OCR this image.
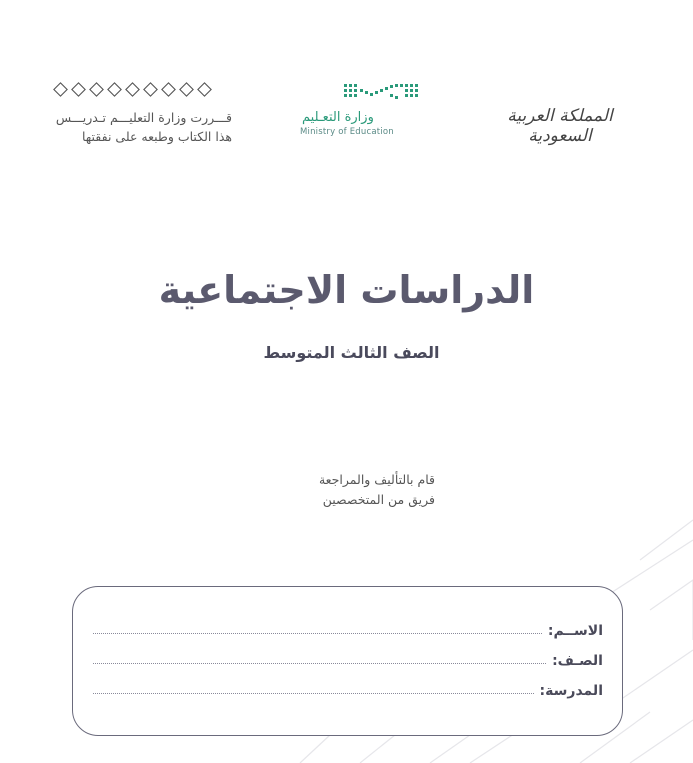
قـــررت وزارة التعليـــم تـدريـــس
هذا الكتاب وطبعه على نفقتها
وزارة التعـليم
Ministry of Education
المملكة العربية السعودية
الدراسات الاجتماعية
الصف الثالث المتوسط
قام بالتأليف والمراجعة
فريق من المتخصصين
الاســم:
الصـف:
المدرسة:
